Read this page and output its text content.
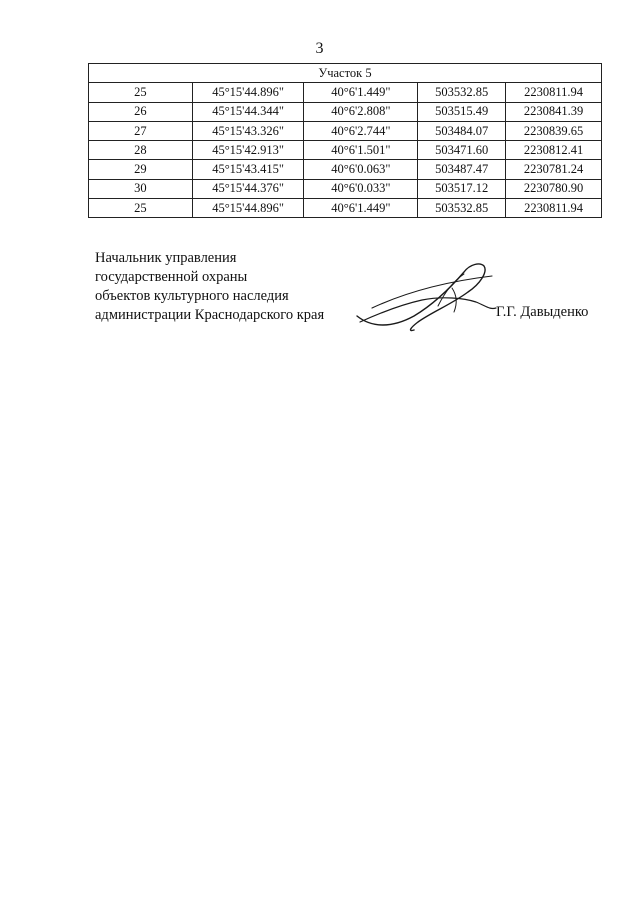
3
Участок 5				
25	45°15'44.896"	40°6'1.449"	503532.85	2230811.94
26	45°15'44.344"	40°6'2.808"	503515.49	2230841.39
27	45°15'43.326"	40°6'2.744"	503484.07	2230839.65
28	45°15'42.913"	40°6'1.501"	503471.60	2230812.41
29	45°15'43.415"	40°6'0.063"	503487.47	2230781.24
30	45°15'44.376"	40°6'0.033"	503517.12	2230780.90
25	45°15'44.896"	40°6'1.449"	503532.85	2230811.94
Начальник управления
государственной охраны
объектов культурного наследия
администрации Краснодарского края	Г.Г. Давыденко
